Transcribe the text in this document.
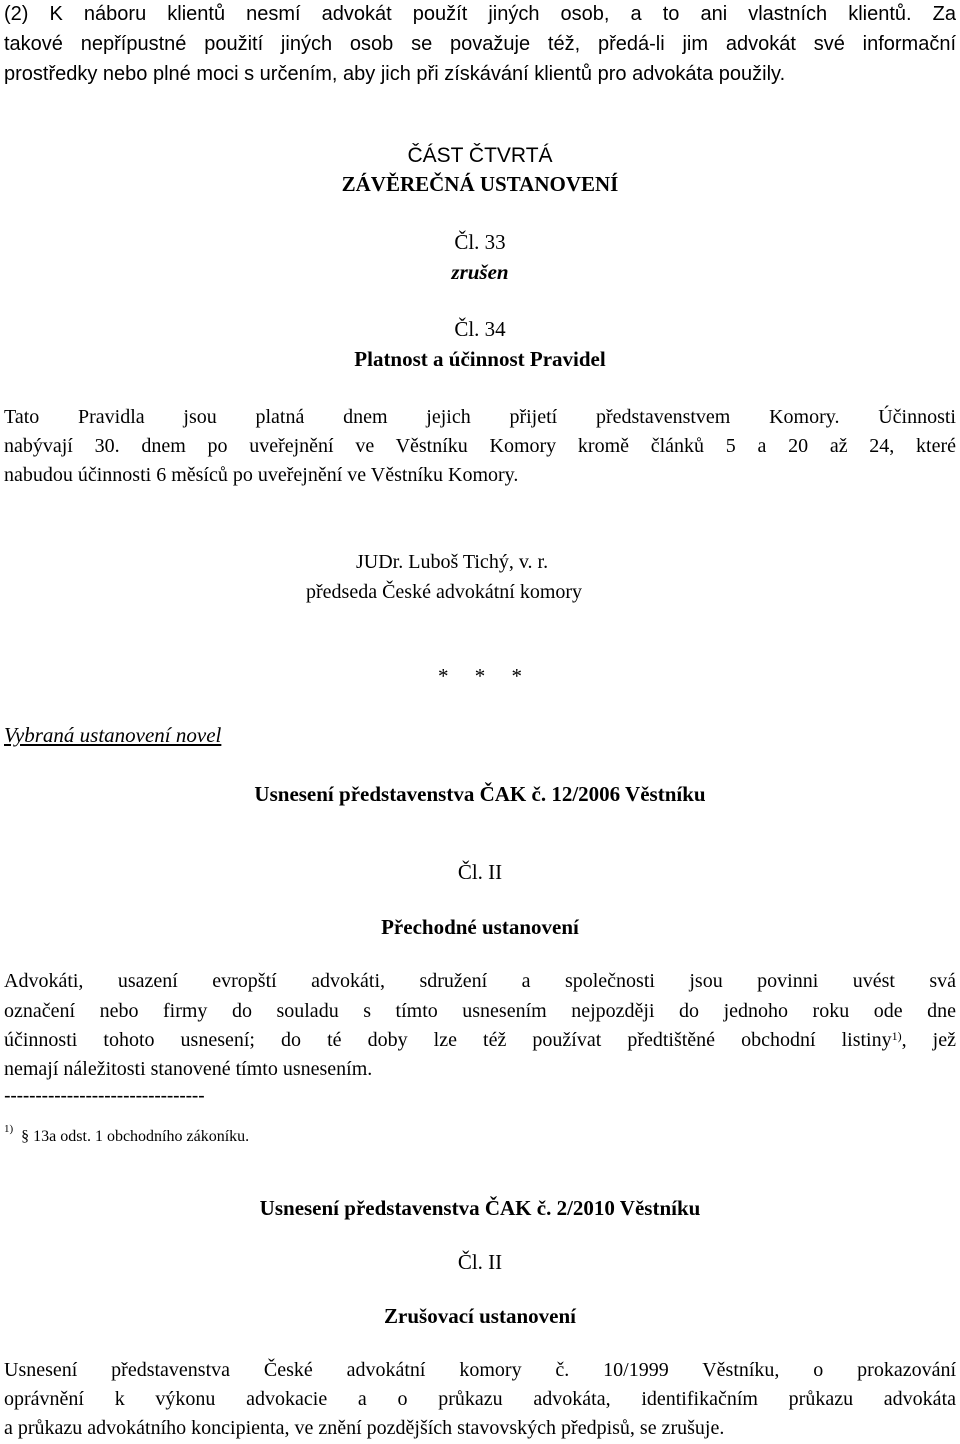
(2) K náboru klientů nesmí advokát použít jiných osob, a to ani vlastních klientů. Za

takové nepřípustné použití jiných osob se považuje též, předá-li jim advokát své informační

prostředky nebo plné moci s určením, aby jich při získávání klientů pro advokáta použily.

ČÁST ČTVRTÁ

ZÁVĚREČNÁ USTANOVENÍ

Čl. 33

zrušen

Čl. 34

Platnost a účinnost Pravidel

Tato Pravidla jsou platná dnem jejich přijetí představenstvem Komory. Účinnosti

nabývají 30. dnem po uveřejnění ve Věstníku Komory kromě článků 5 a 20 až 24, které

nabudou účinnosti 6 měsíců po uveřejnění ve Věstníku Komory.

JUDr. Luboš Tichý, v. r.

předseda České advokátní komory

*     *     *

Vybraná ustanovení novel

Usnesení představenstva ČAK č. 12/2006 Věstníku

Čl. II

Přechodné ustanovení

Advokáti, usazení evropští advokáti, sdružení a společnosti jsou povinni uvést svá

označení nebo firmy do souladu s tímto usnesením nejpozději do jednoho roku ode dne

účinnosti tohoto usnesení; do té doby lze též používat předtištěné obchodní listiny$^{1)}$, jež

nemají náležitosti stanovené tímto usnesením.

--------------------------------

$^{1)}$ § 13a odst. 1 obchodního zákoníku.

Usnesení představenstva ČAK č. 2/2010 Věstníku

Čl. II

Zrušovací ustanovení

Usnesení představenstva České advokátní komory č. 10/1999 Věstníku, o prokazování

oprávnění k výkonu advokacie a o průkazu advokáta, identifikačním průkazu advokáta

a průkazu advokátního koncipienta, ve znění pozdějších stavovských předpisů, se zrušuje.
